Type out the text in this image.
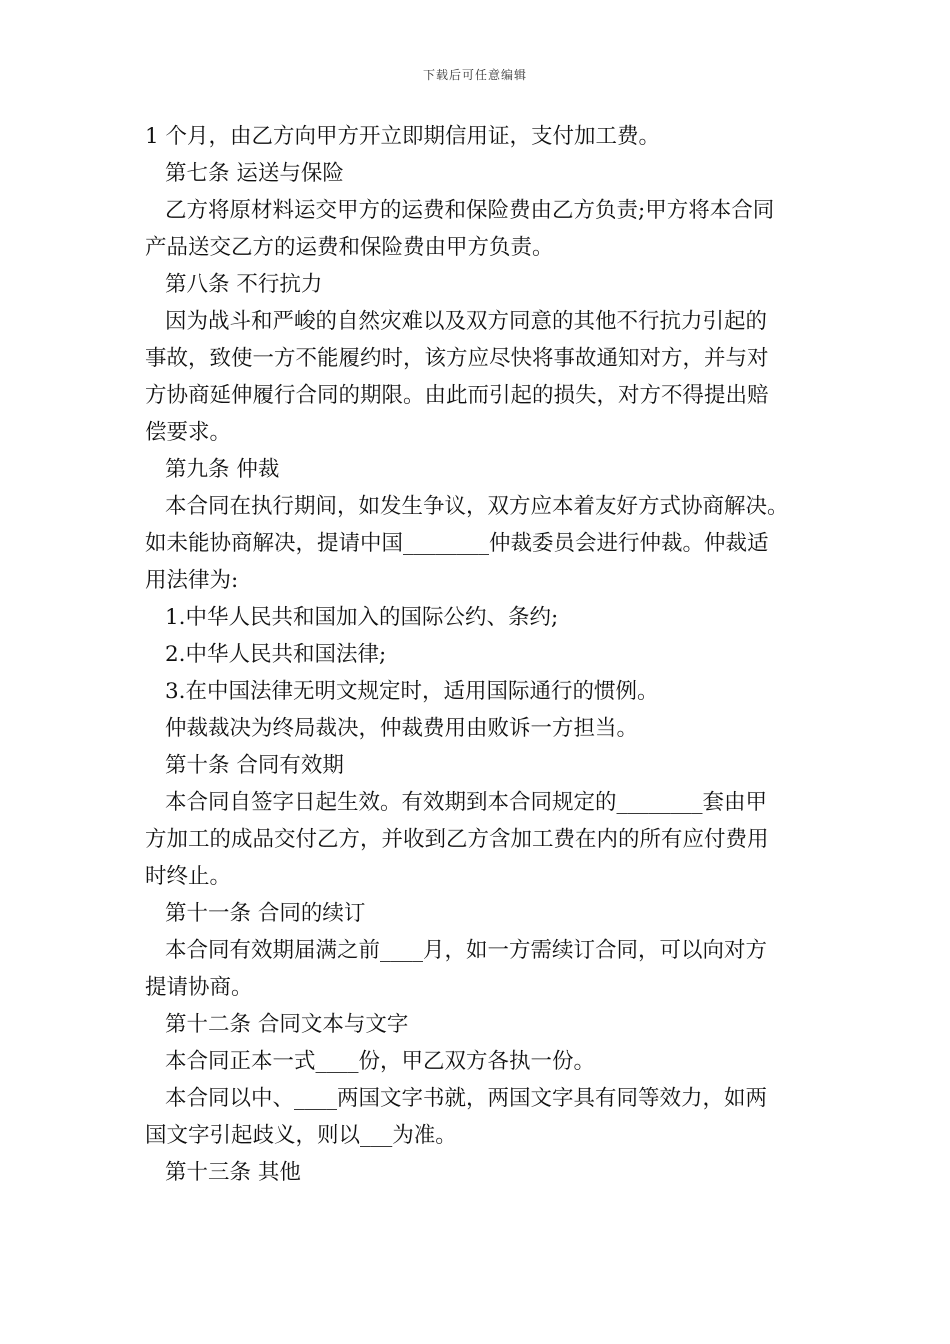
下载后可任意编辑
1 个月，由乙方向甲方开立即期信用证，支付加工费。
第七条 运送与保险
乙方将原材料运交甲方的运费和保险费由乙方负责;甲方将本合同
产品送交乙方的运费和保险费由甲方负责。
第八条 不行抗力
因为战斗和严峻的自然灾难以及双方同意的其他不行抗力引起的
事故，致使一方不能履约时，该方应尽快将事故通知对方，并与对
方协商延伸履行合同的期限。由此而引起的损失，对方不得提出赔
偿要求。
第九条 仲裁
本合同在执行期间，如发生争议，双方应本着友好方式协商解决。
如未能协商解决，提请中国________仲裁委员会进行仲裁。仲裁适
用法律为:
1.中华人民共和国加入的国际公约、条约;
2.中华人民共和国法律;
3.在中国法律无明文规定时，适用国际通行的惯例。
仲裁裁决为终局裁决，仲裁费用由败诉一方担当。
第十条 合同有效期
本合同自签字日起生效。有效期到本合同规定的________套由甲
方加工的成品交付乙方，并收到乙方含加工费在内的所有应付费用
时终止。
第十一条 合同的续订
本合同有效期届满之前____月，如一方需续订合同，可以向对方
提请协商。
第十二条 合同文本与文字
本合同正本一式____份，甲乙双方各执一份。
本合同以中、____两国文字书就，两国文字具有同等效力，如两
国文字引起歧义，则以___为准。
第十三条 其他
